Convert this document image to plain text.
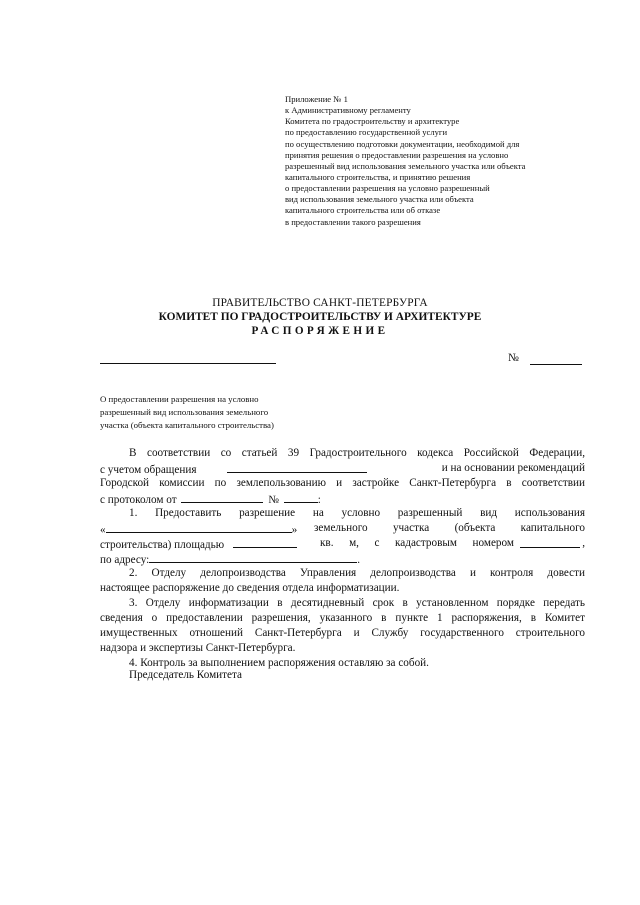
Приложение № 1
к Административному регламенту
Комитета по градостроительству и архитектуре
по предоставлению государственной услуги
по осуществлению подготовки документации, необходимой для
принятия решения о предоставлении разрешения на условно
разрешенный вид использования земельного участка или объекта
капитального строительства, и принятию решения
о предоставлении разрешения на условно разрешенный
вид использования земельного участка или объекта
капитального строительства или об отказе
в предоставлении такого разрешения
ПРАВИТЕЛЬСТВО САНКТ-ПЕТЕРБУРГА
КОМИТЕТ ПО ГРАДОСТРОИТЕЛЬСТВУ И АРХИТЕКТУРЕ
РАСПОРЯЖЕНИЕ
№
О предоставлении разрешения на условно
разрешенный вид использования земельного
участка (объекта капитального строительства)
В соответствии со статьей 39 Градостроительного кодекса Российской Федерации,
с учетом обращения	и на основании рекомендаций
Городской комиссии по землепользованию и застройке Санкт-Петербурга в соответствии
с протоколом от	№	:
1. Предоставить разрешение на условно разрешенный вид использования
«	» земельного участка (объекта капитального
строительства) площадью	кв. м, с кадастровым номером	,
по адресу:	.
2. Отделу делопроизводства Управления делопроизводства и контроля довести
настоящее распоряжение до сведения отдела информатизации.
3. Отделу информатизации в десятидневный срок в установленном порядке передать
сведения о предоставлении разрешения, указанного в пункте 1 распоряжения, в Комитет
имущественных отношений Санкт-Петербурга и Службу государственного строительного
надзора и экспертизы Санкт-Петербурга.
4. Контроль за выполнением распоряжения оставляю за собой.
Председатель Комитета
